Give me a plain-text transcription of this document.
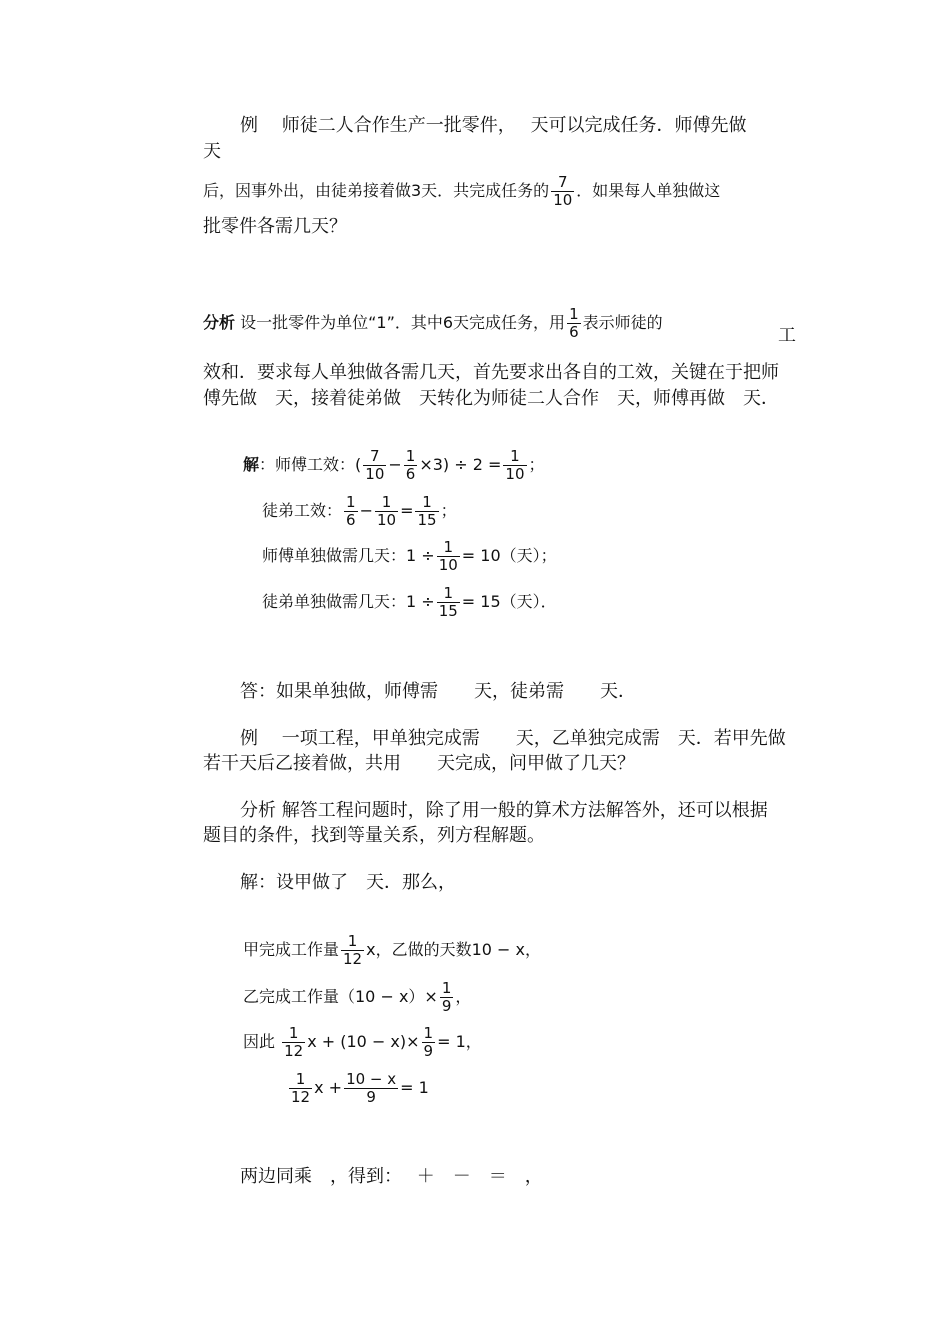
例　 师徒二人合作生产一批零件，　 天可以完成任务．师傅先做
天
后，因事外出，由徒弟接着做3天．共完成任务的 $\frac{7}{10}$ ．如果每人单独做这
批零件各需几天？
分析 设一批零件为单位“1”．其中6天完成任务，用 $\frac{1}{6}$ 表示师徒的
工
效和．要求每人单独做各需几天，首先要求出各自的工效，关键在于把师
傅先做　天，接着徒弟做　天转化为师徒二人合作　天，师傅再做　天．
解：师傅工效：( $\frac{7}{10} - \frac{1}{6} \times 3) \div 2 = \frac{1}{10}$ ；
徒弟工效： $\frac{1}{6} - \frac{1}{10} = \frac{1}{15}$ ；
师傅单独做需几天：$1 \div \frac{1}{10} = 10$（天）；
徒弟单独做需几天：$1 \div \frac{1}{15} = 15$（天）．
答：如果单独做，师傅需　　天，徒弟需　　天．
例　 一项工程，甲单独完成需　　天，乙单独完成需　天．若甲先做
若干天后乙接着做，共用　　天完成，问甲做了几天？
分析 解答工程问题时，除了用一般的算术方法解答外，还可以根据
题目的条件，找到等量关系，列方程解题。
解：设甲做了　天．那么，
甲完成工作量 $\frac{1}{12}$ x，乙做的天数10 − x，
乙完成工作量$(10 - x)\times \frac{1}{9}$ ，
因此 $\frac{1}{12}$ $x + (10 - x)\times \frac{1}{9} = 1$，
$\frac{1}{12}$ $x + \frac{10 - x}{9} = 1$
两边同乘　，得到：　 ＋　－　＝　，
